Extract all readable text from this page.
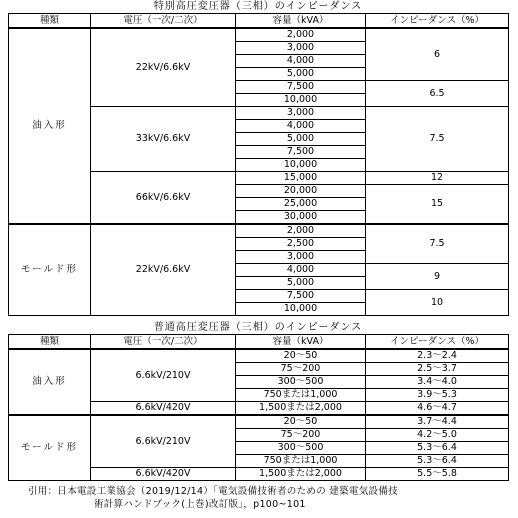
特別高圧変圧器（三相）のインピーダンス
種類	電圧（一次/二次）	容量（kVA）	インピーダンス（%）
油入形	22kV/6.6kV	2,000	6
		3,000	
		4,000	
		5,000	
		7,500	6.5
		10,000	
	33kV/6.6kV	3,000	7.5
		4,000	
		5,000	
		7,500	
		10,000	
	66kV/6.6kV	15,000	12
		20,000	15
		25,000	
		30,000	
モールド形	22kV/6.6kV	2,000	7.5
		2,500	
		3,000	
		4,000	9
		5,000	
		7,500	10
		10,000	
普通高圧変圧器（三相）のインピーダンス
種類	電圧（一次/二次）	容量（kVA）	インピーダンス（%）
油入形	6.6kV/210V	20～50	2.3～2.4
		75～200	2.5～3.7
		300～500	3.4～4.0
		750または1,000	3.9～5.3
	6.6kV/420V	1,500または2,000	4.6～4.7
モールド形	6.6kV/210V	20～50	3.7～4.4
		75～200	4.2～5.0
		300～500	5.3～6.4
		750または1,000	5.3～6.4
	6.6kV/420V	1,500または2,000	5.5～5.8
引用：日本電設工業協会（2019/12/14）「電気設備技術者のための 建築電気設備技
術計算ハンドブック(上巻)改訂版」，p100~101
